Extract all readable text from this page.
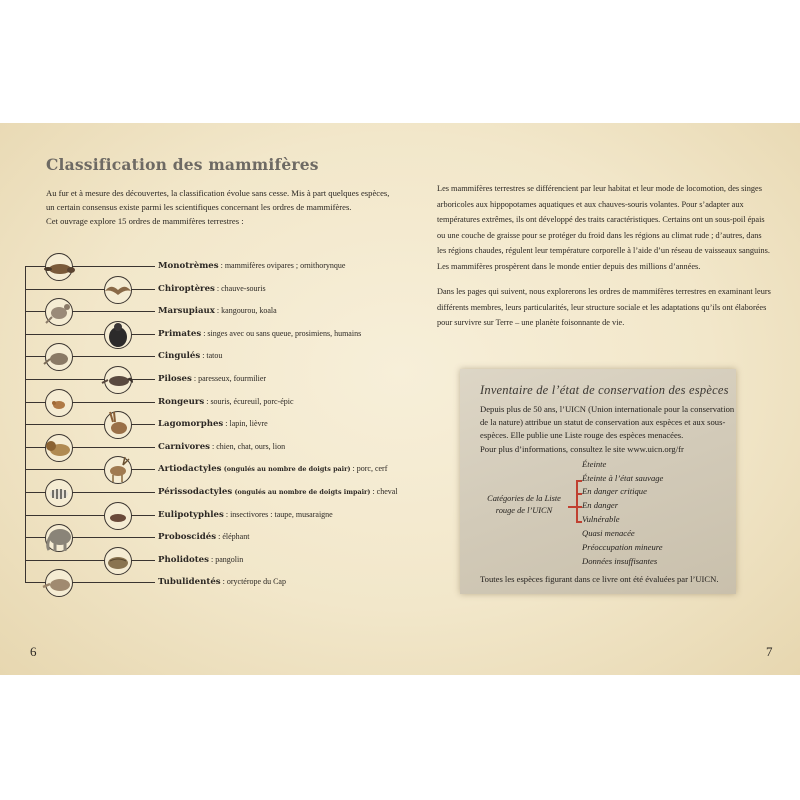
Classification des mammifères
Au fur et à mesure des découvertes, la classification évolue sans cesse. Mis à part quelques espèces,
un certain consensus existe parmi les scientifiques concernant les ordres de mammifères.
Cet ouvrage explore 15 ordres de mammifères terrestres :
Monotrèmes : mammifères ovipares ; ornithorynque
Chiroptères : chauve-souris
Marsupiaux : kangourou, koala
Primates : singes avec ou sans queue, prosimiens, humains
Cingulés : tatou
Piloses : paresseux, fourmilier
Rongeurs : souris, écureuil, porc-épic
Lagomorphes : lapin, lièvre
Carnivores : chien, chat, ours, lion
Artiodactyles (ongulés au nombre de doigts pair) : porc, cerf
Périssodactyles (ongulés au nombre de doigts impair) : cheval
Eulipotyphles : insectivores : taupe, musaraigne
Proboscidés : éléphant
Pholidotes : pangolin
Tubulidentés : oryctérope du Cap
6
Les mammifères terrestres se différencient par leur habitat et leur mode de locomotion, des singes
arboricoles aux hippopotames aquatiques et aux chauves-souris volantes. Pour s’adapter aux
températures extrêmes, ils ont développé des traits caractéristiques. Certains ont un sous-poil épais
ou une couche de graisse pour se protéger du froid dans les régions au climat rude ; d’autres, dans
les régions chaudes, régulent leur température corporelle à l’aide d’un réseau de vaisseaux sanguins.
Les mammifères prospèrent dans le monde entier depuis des millions d’années.
Dans les pages qui suivent, nous explorerons les ordres de mammifères terrestres en examinant leurs
différents membres, leurs particularités, leur structure sociale et les adaptations qu’ils ont élaborées
pour survivre sur Terre – une planète foisonnante de vie.
Inventaire de l’état de conservation des espèces
Depuis plus de 50 ans, l’UICN (Union internationale pour la conservation
de la nature) attribue un statut de conservation aux espèces et aux sous-
espèces. Elle publie une Liste rouge des espèces menacées.
Pour plus d’informations, consultez le site www.uicn.org/fr
Catégories de la Liste
rouge de l’UICN
Éteinte
Éteinte à l’état sauvage
En danger critique
En danger
Vulnérable
Quasi menacée
Préoccupation mineure
Données insuffisantes
Toutes les espèces figurant dans ce livre ont été évaluées par l’UICN.
7
